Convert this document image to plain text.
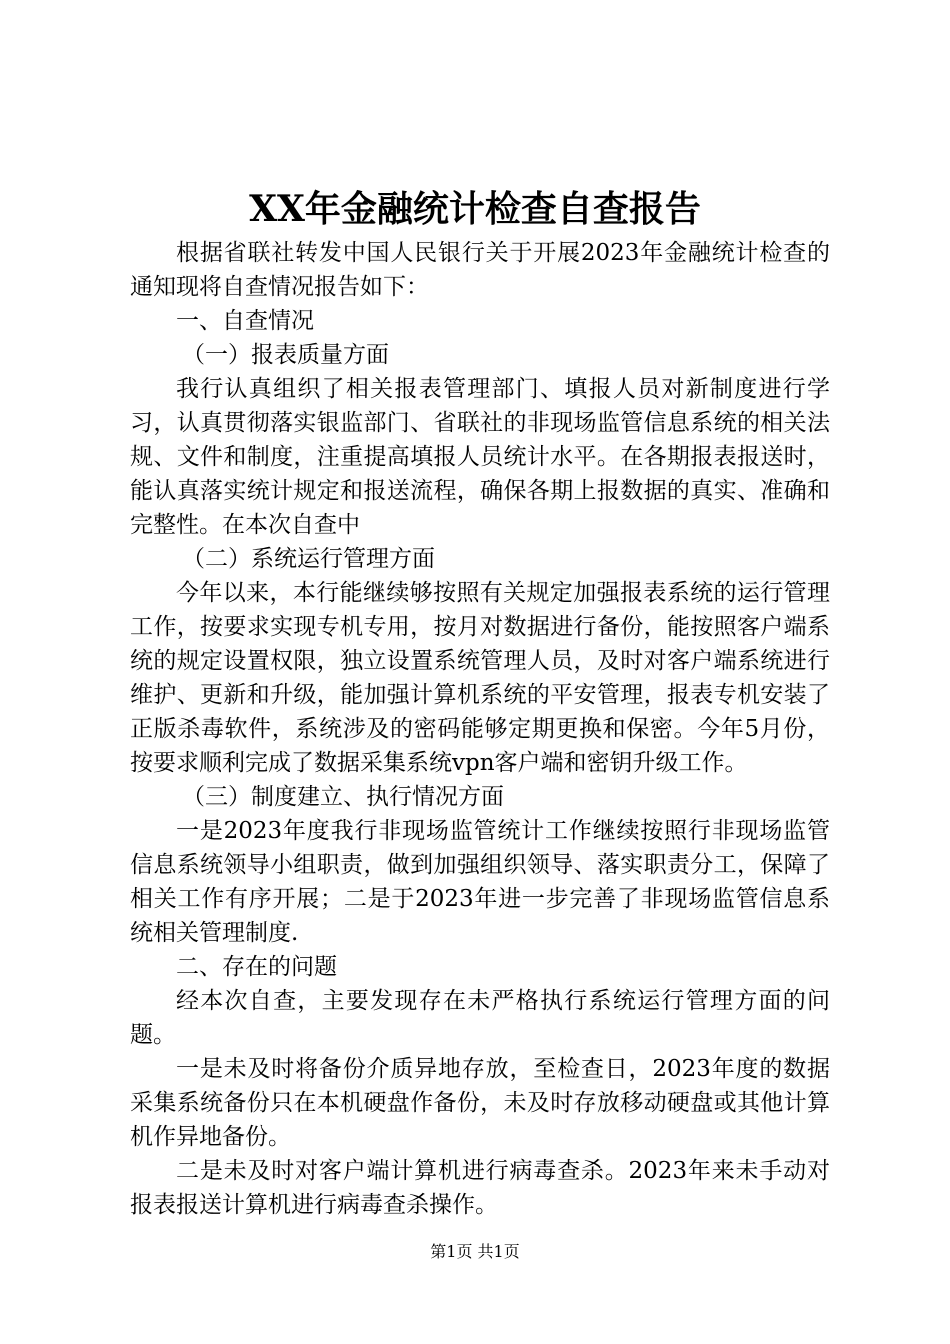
XX年金融统计检查自查报告

根据省联社转发中国人民银行关于开展2023年金融统计检查的通知现将自查情况报告如下：

一、自查情况

（一）报表质量方面

我行认真组织了相关报表管理部门、填报人员对新制度进行学习，认真贯彻落实银监部门、省联社的非现场监管信息系统的相关法规、文件和制度，注重提高填报人员统计水平。在各期报表报送时，能认真落实统计规定和报送流程，确保各期上报数据的真实、准确和完整性。在本次自查中

（二）系统运行管理方面

今年以来，本行能继续够按照有关规定加强报表系统的运行管理工作，按要求实现专机专用，按月对数据进行备份，能按照客户端系统的规定设置权限，独立设置系统管理人员，及时对客户端系统进行维护、更新和升级，能加强计算机系统的平安管理，报表专机安装了正版杀毒软件，系统涉及的密码能够定期更换和保密。今年5月份，按要求顺利完成了数据采集系统vpn客户端和密钥升级工作。

（三）制度建立、执行情况方面

一是2023年度我行非现场监管统计工作继续按照行非现场监管信息系统领导小组职责，做到加强组织领导、落实职责分工，保障了相关工作有序开展；二是于2023年进一步完善了非现场监管信息系统相关管理制度.

二、存在的问题

经本次自查，主要发现存在未严格执行系统运行管理方面的问题。

一是未及时将备份介质异地存放，至检查日，2023年度的数据采集系统备份只在本机硬盘作备份，未及时存放移动硬盘或其他计算机作异地备份。

二是未及时对客户端计算机进行病毒查杀。2023年来未手动对报表报送计算机进行病毒查杀操作。

第1页 共1页
